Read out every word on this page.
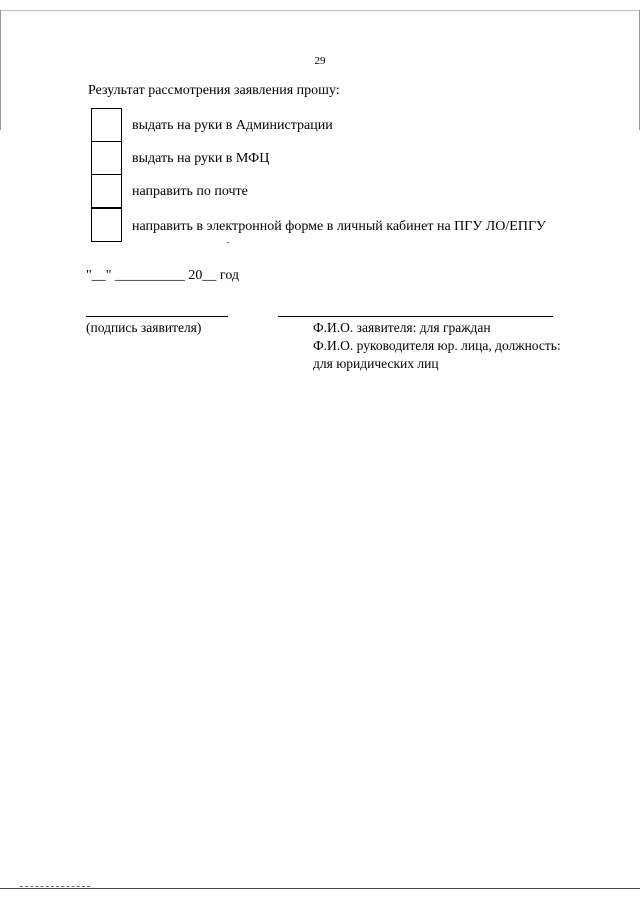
29
Результат рассмотрения заявления прошу:
выдать на руки в Администрации
выдать на руки в МФЦ
направить по почте
направить в электронной форме в личный кабинет на ПГУ ЛО/ЕПГУ
"__" __________ 20__ год
(подпись заявителя)	Ф.И.О. заявителя: для граждан
Ф.И.О. руководителя юр. лица, должность:
для юридических лиц
